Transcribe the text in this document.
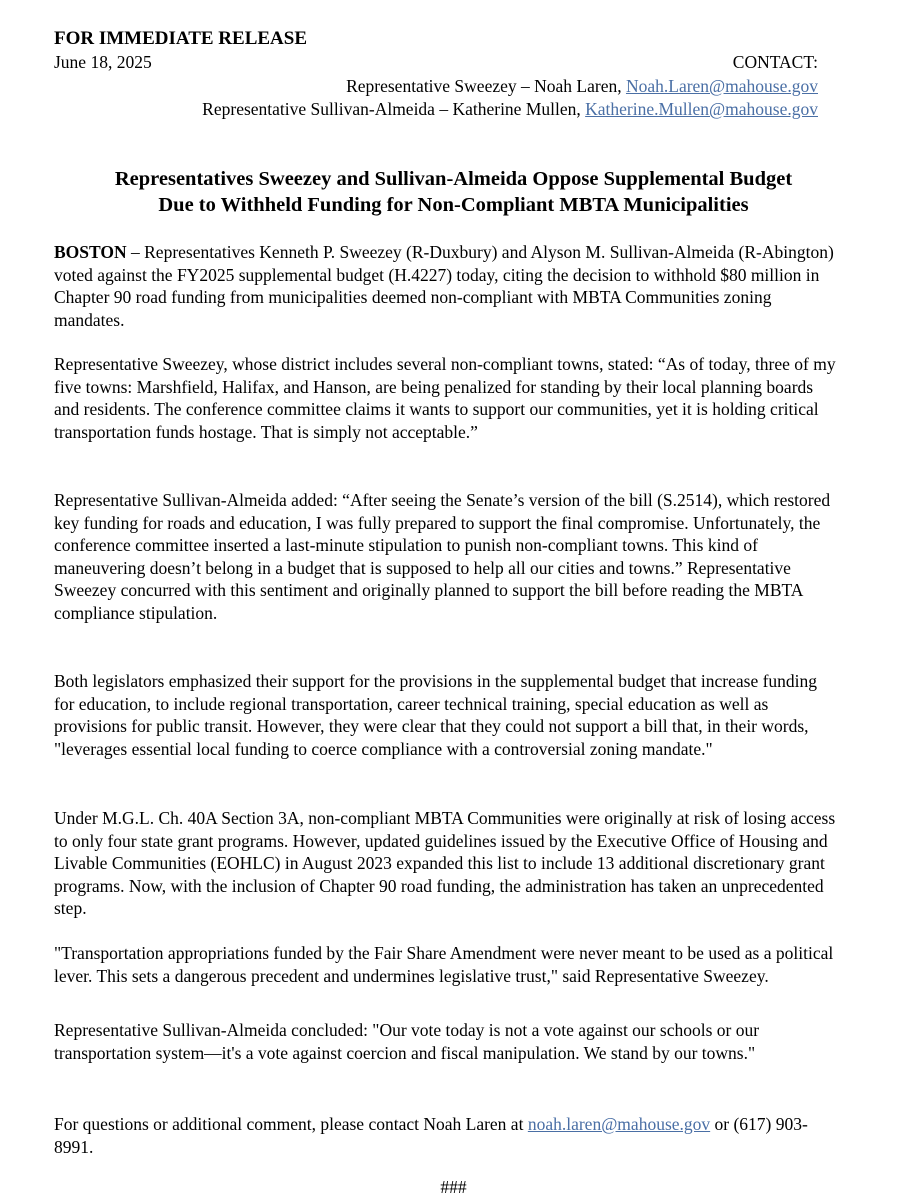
FOR IMMEDIATE RELEASE
June 18, 2025	CONTACT:
Representative Sweezey – Noah Laren, Noah.Laren@mahouse.gov
Representative Sullivan-Almeida – Katherine Mullen, Katherine.Mullen@mahouse.gov
Representatives Sweezey and Sullivan-Almeida Oppose Supplemental Budget
Due to Withheld Funding for Non-Compliant MBTA Municipalities
BOSTON – Representatives Kenneth P. Sweezey (R-Duxbury) and Alyson M. Sullivan-Almeida (R-Abington) voted against the FY2025 supplemental budget (H.4227) today, citing the decision to withhold $80 million in Chapter 90 road funding from municipalities deemed non-compliant with MBTA Communities zoning mandates.
Representative Sweezey, whose district includes several non-compliant towns, stated: “As of today, three of my five towns: Marshfield, Halifax, and Hanson, are being penalized for standing by their local planning boards and residents. The conference committee claims it wants to support our communities, yet it is holding critical transportation funds hostage. That is simply not acceptable.”
Representative Sullivan-Almeida added: “After seeing the Senate’s version of the bill (S.2514), which restored key funding for roads and education, I was fully prepared to support the final compromise. Unfortunately, the conference committee inserted a last-minute stipulation to punish non-compliant towns. This kind of maneuvering doesn’t belong in a budget that is supposed to help all our cities and towns.” Representative Sweezey concurred with this sentiment and originally planned to support the bill before reading the MBTA compliance stipulation.
Both legislators emphasized their support for the provisions in the supplemental budget that increase funding for education, to include regional transportation, career technical training, special education as well as provisions for public transit. However, they were clear that they could not support a bill that, in their words, "leverages essential local funding to coerce compliance with a controversial zoning mandate."
Under M.G.L. Ch. 40A Section 3A, non-compliant MBTA Communities were originally at risk of losing access to only four state grant programs. However, updated guidelines issued by the Executive Office of Housing and Livable Communities (EOHLC) in August 2023 expanded this list to include 13 additional discretionary grant programs. Now, with the inclusion of Chapter 90 road funding, the administration has taken an unprecedented step.
"Transportation appropriations funded by the Fair Share Amendment were never meant to be used as a political lever. This sets a dangerous precedent and undermines legislative trust," said Representative Sweezey.
Representative Sullivan-Almeida concluded: "Our vote today is not a vote against our schools or our transportation system—it's a vote against coercion and fiscal manipulation. We stand by our towns."
For questions or additional comment, please contact Noah Laren at noah.laren@mahouse.gov or (617) 903-8991.
###
